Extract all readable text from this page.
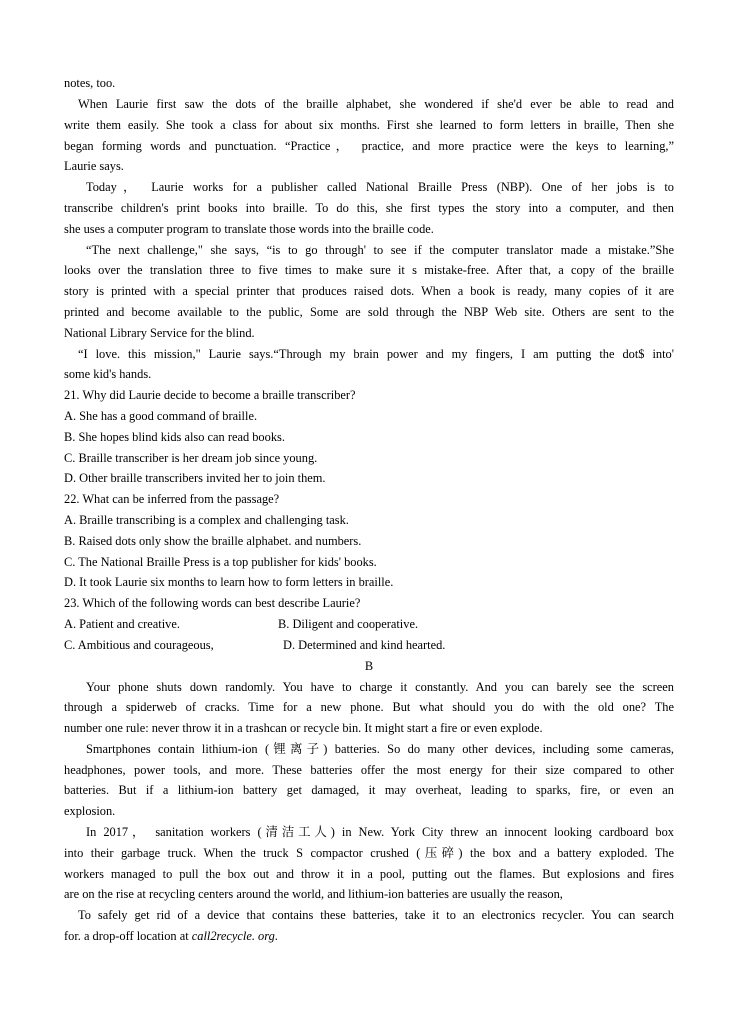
notes, too.
When Laurie first saw the dots of the braille alphabet, she wondered if she'd ever be able to read and
write them easily. She took a class for about six months. First she learned to form letters in braille, Then she
began forming words and punctuation. “Practice， practice, and more practice were the keys to learning,”
Laurie says.
Today， Laurie works for a publisher called National Braille Press (NBP). One of her jobs is to
transcribe children's print books into braille. To do this, she first types the story into a computer, and then
she uses a computer program to translate those words into the braille code.
“The next challenge," she says, “is to go through' to see if the computer translator made a mistake.”She
looks over the translation three to five times to make sure it s mistake-free. After that, a copy of the braille
story is printed with a special printer that produces raised dots. When a book is ready, many copies of it are
printed and become available to the public, Some are sold through the NBP Web site. Others are sent to the
National Library Service for the blind.
“I love. this mission," Laurie says.“Through my brain power and my fingers, I am putting the dot$ into'
some kid's hands.
21. Why did Laurie decide to become a braille transcriber?
A. She has a good command of braille.
B. She hopes blind kids also can read books.
C. Braille transcriber is her dream job since young.
D. Other braille transcribers invited her to join them.
22. What can be inferred from the passage?
A. Braille transcribing is a complex and challenging task.
B. Raised dots only show the braille alphabet. and numbers.
C. The National Braille Press is a top publisher for kids' books.
D. It took Laurie six months to learn how to form letters in braille.
23. Which of the following words can best describe Laurie?
A. Patient and creative.	B. Diligent and cooperative.
C. Ambitious and courageous,	D. Determined and kind hearted.
B
Your phone shuts down randomly. You have to charge it constantly. And you can barely see the screen
through a spiderweb of cracks. Time for a new phone. But what should you do with the old one? The
number one rule: never throw it in a trashcan or recycle bin. It might start a fire or even explode.
Smartphones contain lithium-ion (锂离子) batteries. So do many other devices, including some cameras,
headphones, power tools, and more. These batteries offer the most energy for their size compared to other
batteries. But if a lithium-ion battery get damaged, it may overheat, leading to sparks, fire, or even an
explosion.
In 2017， sanitation workers (清洁工人) in New. York City threw an innocent looking cardboard box
into their garbage truck. When the truck S compactor crushed (压碎) the box and a battery exploded. The
workers managed to pull the box out and throw it in a pool, putting out the flames. But explosions and fires
are on the rise at recycling centers around the world, and lithium-ion batteries are usually the reason,
To safely get rid of a device that contains these batteries, take it to an electronics recycler. You can search
for. a drop-off location at call2recycle. org.
